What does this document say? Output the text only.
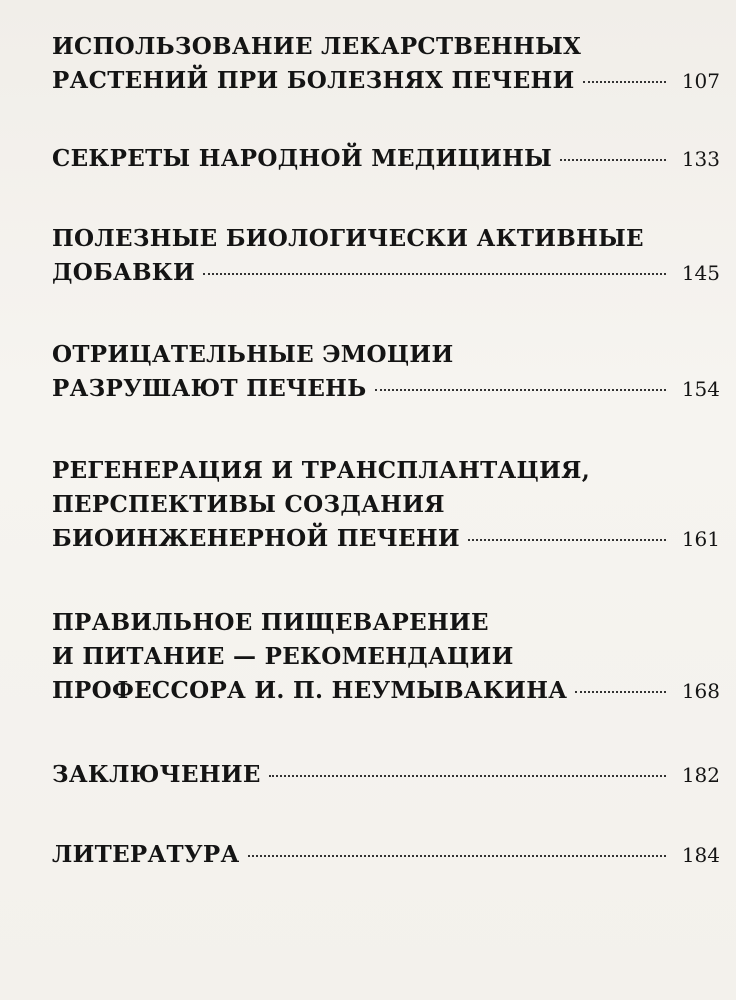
ИСПОЛЬЗОВАНИЕ ЛЕКАРСТВЕННЫХ
РАСТЕНИЙ ПРИ БОЛЕЗНЯХ ПЕЧЕНИ	107
СЕКРЕТЫ НАРОДНОЙ МЕДИЦИНЫ	133
ПОЛЕЗНЫЕ БИОЛОГИЧЕСКИ АКТИВНЫЕ
ДОБАВКИ	145
ОТРИЦАТЕЛЬНЫЕ ЭМОЦИИ
РАЗРУШАЮТ ПЕЧЕНЬ	154
РЕГЕНЕРАЦИЯ И ТРАНСПЛАНТАЦИЯ,
ПЕРСПЕКТИВЫ СОЗДАНИЯ
БИОИНЖЕНЕРНОЙ ПЕЧЕНИ	161
ПРАВИЛЬНОЕ ПИЩЕВАРЕНИЕ
И ПИТАНИЕ — РЕКОМЕНДАЦИИ
ПРОФЕССОРА И. П. НЕУМЫВАКИНА	168
ЗАКЛЮЧЕНИЕ	182
ЛИТЕРАТУРА	184
